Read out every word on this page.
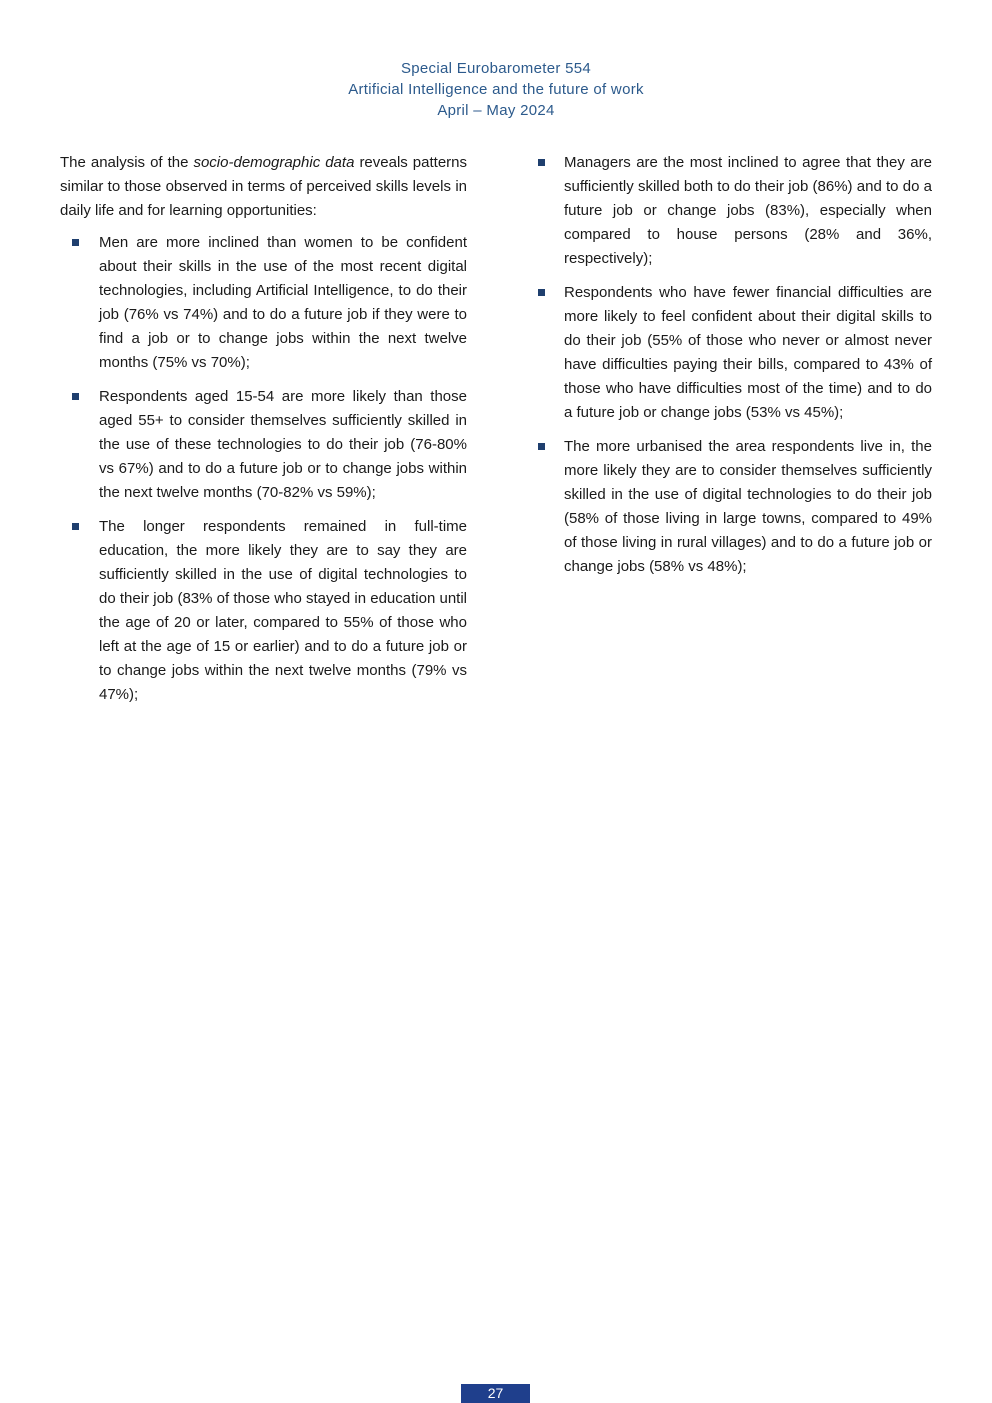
Special Eurobarometer 554
Artificial Intelligence and the future of work
April – May 2024

The analysis of the socio-demographic data reveals patterns similar to those observed in terms of perceived skills levels in daily life and for learning opportunities:

Men are more inclined than women to be confident about their skills in the use of the most recent digital technologies, including Artificial Intelligence, to do their job (76% vs 74%) and to do a future job if they were to find a job or to change jobs within the next twelve months (75% vs 70%);
Respondents aged 15-54 are more likely than those aged 55+ to consider themselves sufficiently skilled in the use of these technologies to do their job (76-80% vs 67%) and to do a future job or to change jobs within the next twelve months (70-82% vs 59%);
The longer respondents remained in full-time education, the more likely they are to say they are sufficiently skilled in the use of digital technologies to do their job (83% of those who stayed in education until the age of 20 or later, compared to 55% of those who left at the age of 15 or earlier) and to do a future job or to change jobs within the next twelve months (79% vs 47%);
Managers are the most inclined to agree that they are sufficiently skilled both to do their job (86%) and to do a future job or change jobs (83%), especially when compared to house persons (28% and 36%, respectively);
Respondents who have fewer financial difficulties are more likely to feel confident about their digital skills to do their job (55% of those who never or almost never have difficulties paying their bills, compared to 43% of those who have difficulties most of the time) and to do a future job or change jobs (53% vs 45%);
The more urbanised the area respondents live in, the more likely they are to consider themselves sufficiently skilled in the use of digital technologies to do their job (58% of those living in large towns, compared to 49% of those living in rural villages) and to do a future job or change jobs (58% vs 48%);
27
